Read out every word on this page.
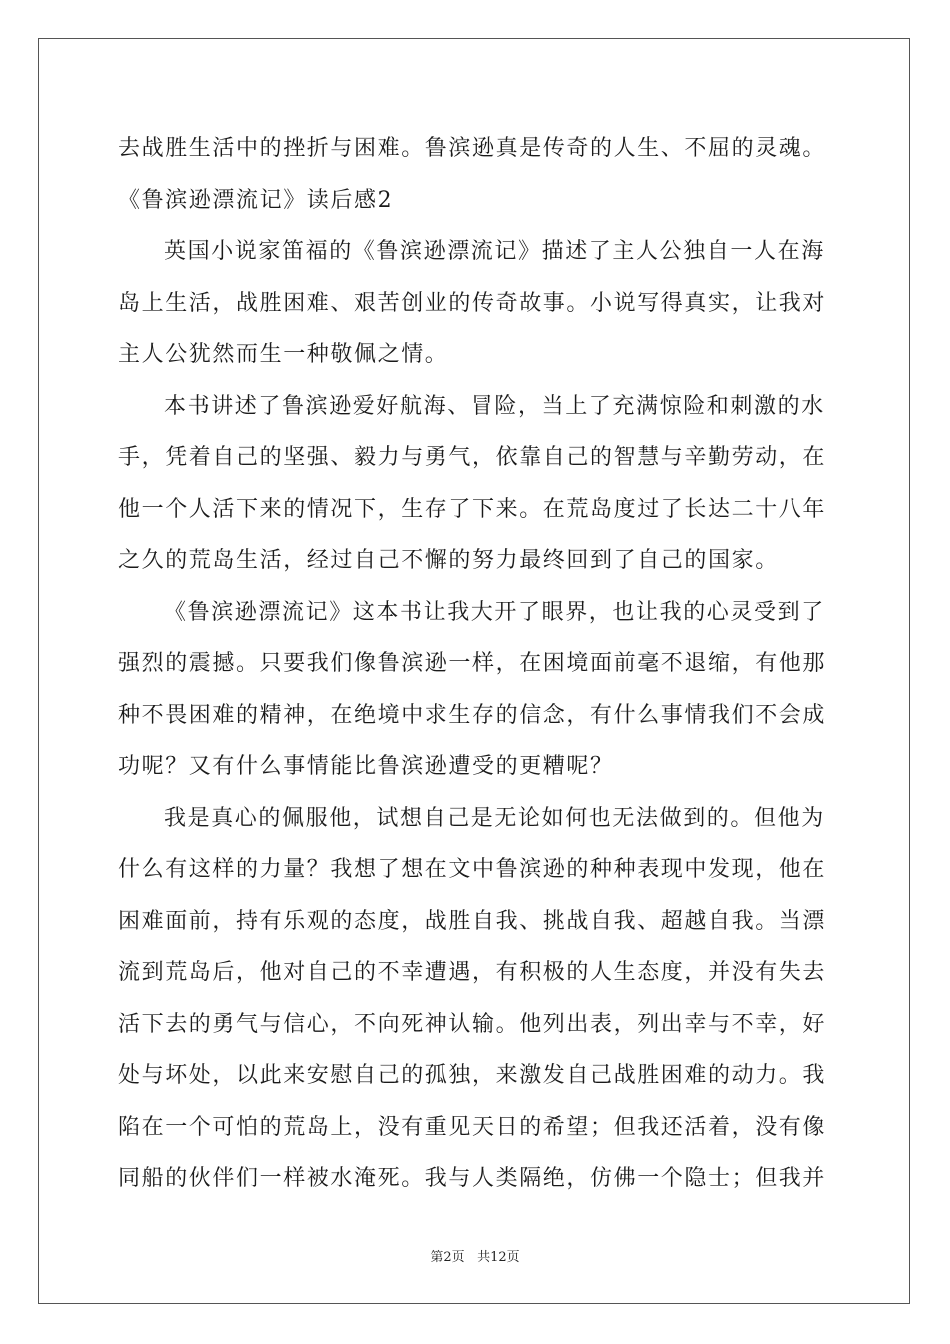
去战胜生活中的挫折与困难。鲁滨逊真是传奇的人生、不屈的灵魂。
《鲁滨逊漂流记》读后感2
英国小说家笛福的《鲁滨逊漂流记》描述了主人公独自一人在海
岛上生活，战胜困难、艰苦创业的传奇故事。小说写得真实，让我对
主人公犹然而生一种敬佩之情。
本书讲述了鲁滨逊爱好航海、冒险，当上了充满惊险和刺激的水
手，凭着自己的坚强、毅力与勇气，依靠自己的智慧与辛勤劳动，在
他一个人活下来的情况下，生存了下来。在荒岛度过了长达二十八年
之久的荒岛生活，经过自己不懈的努力最终回到了自己的国家。
《鲁滨逊漂流记》这本书让我大开了眼界，也让我的心灵受到了
强烈的震撼。只要我们像鲁滨逊一样，在困境面前毫不退缩，有他那
种不畏困难的精神，在绝境中求生存的信念，有什么事情我们不会成
功呢？又有什么事情能比鲁滨逊遭受的更糟呢？
我是真心的佩服他，试想自己是无论如何也无法做到的。但他为
什么有这样的力量？我想了想在文中鲁滨逊的种种表现中发现，他在
困难面前，持有乐观的态度，战胜自我、挑战自我、超越自我。当漂
流到荒岛后，他对自己的不幸遭遇，有积极的人生态度，并没有失去
活下去的勇气与信心，不向死神认输。他列出表，列出幸与不幸，好
处与坏处，以此来安慰自己的孤独，来激发自己战胜困难的动力。我
陷在一个可怕的荒岛上，没有重见天日的希望；但我还活着，没有像
同船的伙伴们一样被水淹死。我与人类隔绝，仿佛一个隐士；但我并
第2页 共12页
